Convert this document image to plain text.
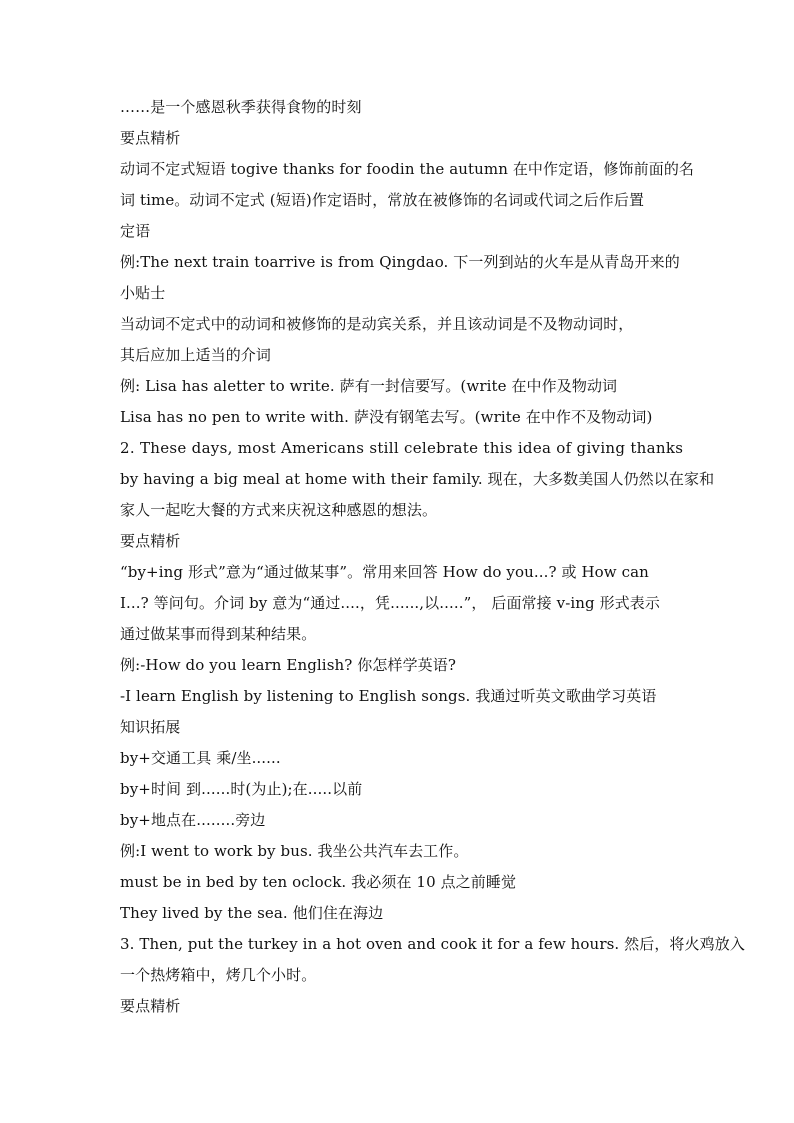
……是一个感恩秋季获得食物的时刻
要点精析
动词不定式短语 togive thanks for foodin the autumn 在中作定语，修饰前面的名
词 time。动词不定式 (短语)作定语时，常放在被修饰的名词或代词之后作后置
定语
例:The next train toarrive is from Qingdao. 下一列到站的火车是从青岛开来的
小贴士
当动词不定式中的动词和被修饰的是动宾关系，并且该动词是不及物动词时，
其后应加上适当的介词
例: Lisa has aletter to write. 萨有一封信要写。(write 在中作及物动词
Lisa has no pen to write with. 萨没有钢笔去写。(write 在中作不及物动词)
2. These days, most Americans still celebrate this idea of giving thanks
by having a big meal at home with their family. 现在，大多数美国人仍然以在家和
家人一起吃大餐的方式来庆祝这种感恩的想法。
要点精析
“by+ing 形式”意为“通过做某事”。常用来回答 How do you...? 或 How can
I...? 等问句。介词 by 意为“通过....，凭......,以.....”， 后面常接 v-ing 形式表示
通过做某事而得到某种结果。
例:-How do you learn English? 你怎样学英语?
-I learn English by listening to English songs. 我通过听英文歌曲学习英语
知识拓展
by+交通工具 乘/坐......
by+时间 到......时(为止);在.....以前
by+地点在........旁边
例:I went to work by bus. 我坐公共汽车去工作。
must be in bed by ten oclock. 我必须在 10 点之前睡觉
They lived by the sea. 他们住在海边
3. Then, put the turkey in a hot oven and cook it for a few hours. 然后，将火鸡放入
一个热烤箱中，烤几个小时。
要点精析
